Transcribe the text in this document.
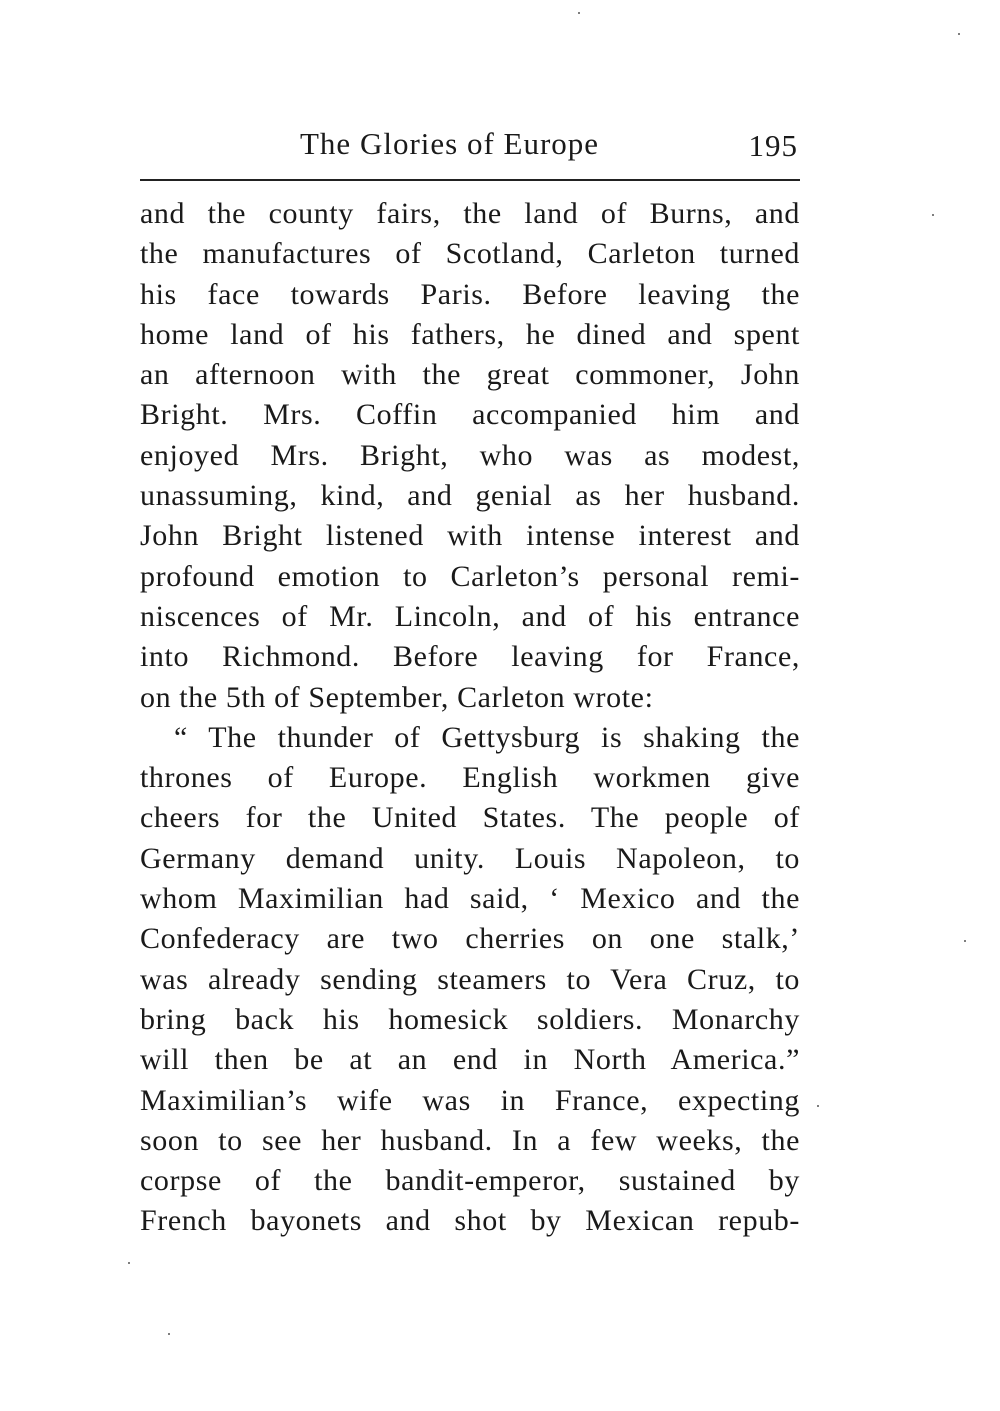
The Glories of Europe	195
and the county fairs, the land of Burns, and
the manufactures of Scotland, Carleton turned
his face towards Paris. Before leaving the
home land of his fathers, he dined and spent
an afternoon with the great commoner, John
Bright. Mrs. Coffin accompanied him and
enjoyed Mrs. Bright, who was as modest,
unassuming, kind, and genial as her husband.
John Bright listened with intense interest and
profound emotion to Carleton’s personal remi-
niscences of Mr. Lincoln, and of his entrance
into Richmond. Before leaving for France,
on the 5th of September, Carleton wrote:
“ The thunder of Gettysburg is shaking the
thrones of Europe. English workmen give
cheers for the United States. The people of
Germany demand unity. Louis Napoleon, to
whom Maximilian had said, ‘ Mexico and the
Confederacy are two cherries on one stalk,’
was already sending steamers to Vera Cruz, to
bring back his homesick soldiers. Monarchy
will then be at an end in North America.”
Maximilian’s wife was in France, expecting
soon to see her husband. In a few weeks, the
corpse of the bandit-emperor, sustained by
French bayonets and shot by Mexican repub-
